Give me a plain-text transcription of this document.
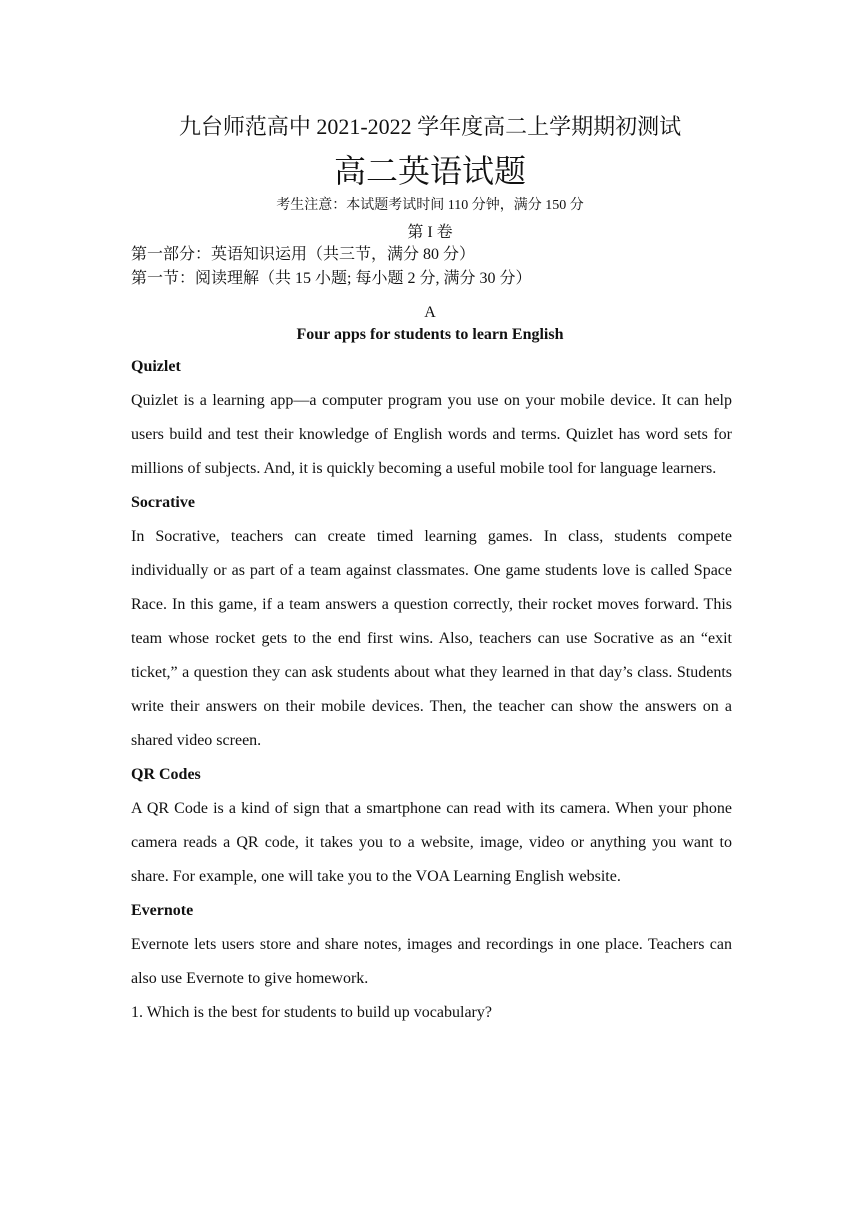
九台师范高中 2021-2022 学年度高二上学期期初测试
高二英语试题
考生注意：本试题考试时间 110 分钟，满分 150 分
第 I 卷
第一部分：英语知识运用（共三节，满分 80 分）
第一节：阅读理解（共 15 小题; 每小题 2 分, 满分 30 分）
A
Four apps for students to learn English

Quizlet

Quizlet is a learning app—a computer program you use on your mobile device. It can help users build and test their knowledge of English words and terms. Quizlet has word sets for millions of subjects. And, it is quickly becoming a useful mobile tool for language learners.

Socrative

In Socrative, teachers can create timed learning games. In class, students compete individually or as part of a team against classmates. One game students love is called Space Race. In this game, if a team answers a question correctly, their rocket moves forward. This team whose rocket gets to the end first wins. Also, teachers can use Socrative as an “exit ticket,” a question they can ask students about what they learned in that day’s class. Students write their answers on their mobile devices. Then, the teacher can show the answers on a shared video screen.

QR Codes

A QR Code is a kind of sign that a smartphone can read with its camera. When your phone camera reads a QR code, it takes you to a website, image, video or anything you want to share. For example, one will take you to the VOA Learning English website.

Evernote

Evernote lets users store and share notes, images and recordings in one place. Teachers can also use Evernote to give homework.

1. Which is the best for students to build up vocabulary?
